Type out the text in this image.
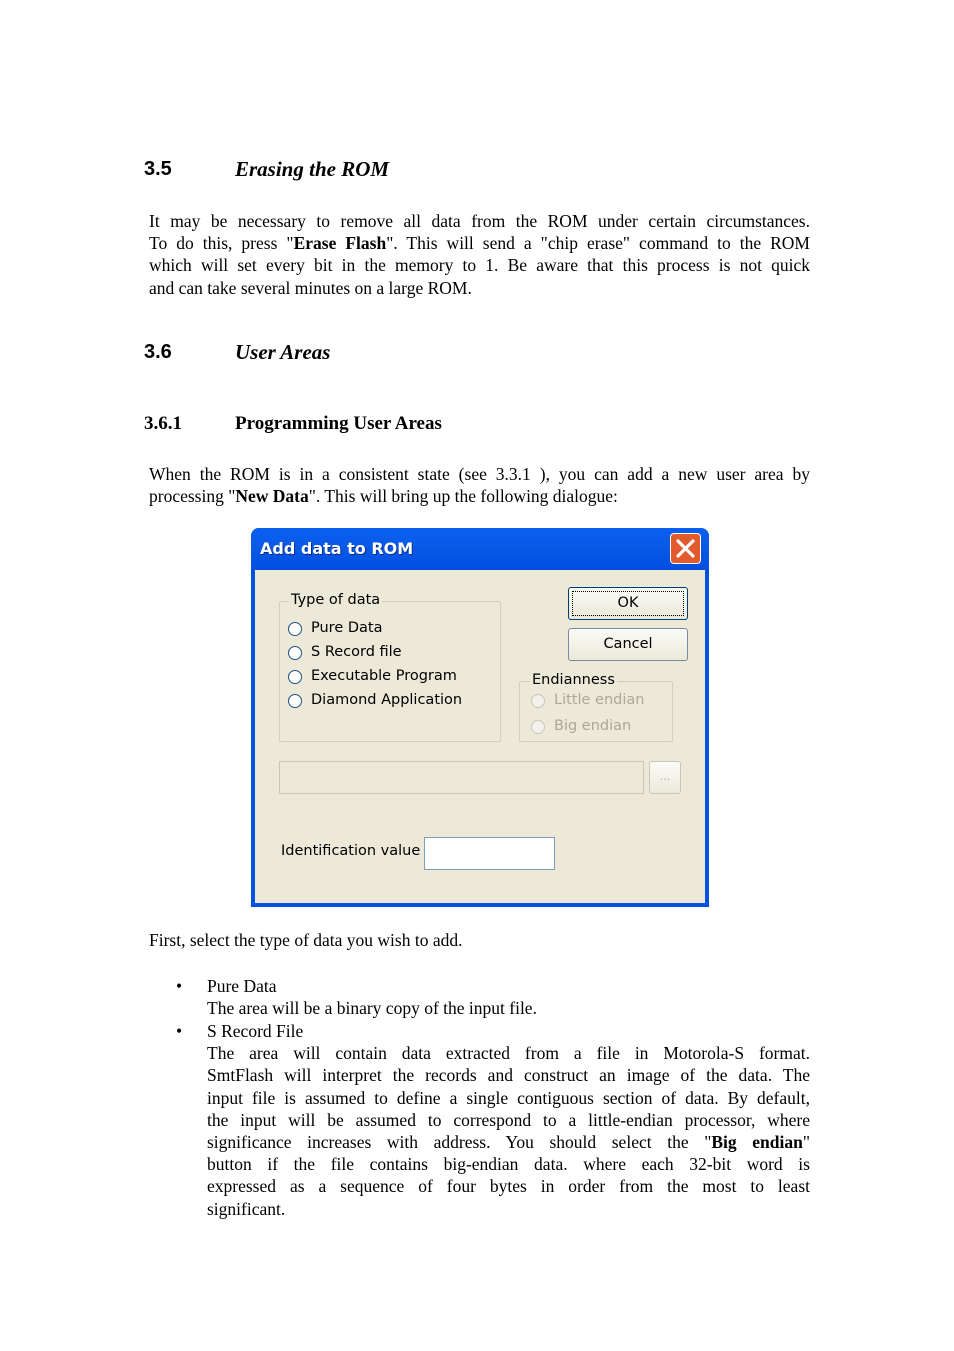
3.5	Erasing the ROM
It may be necessary to remove all data from the ROM under certain circumstances.
To do this, press "Erase Flash". This will send a "chip erase" command to the ROM
which will set every bit in the memory to 1. Be aware that this process is not quick
and can take several minutes on a large ROM.
3.6	User Areas
3.6.1	Programming User Areas
When the ROM is in a consistent state (see 3.3.1 ), you can add a new user area by
processing "New Data". This will bring up the following dialogue:
Add data to ROM
Type of data
Pure Data
S Record file
Executable Program
Diamond Application
OK
Cancel
Endianness
Little endian
Big endian
...
Identification value
First, select the type of data you wish to add.
• Pure Data
The area will be a binary copy of the input file.
• S Record File
The area will contain data extracted from a file in Motorola-S format.
SmtFlash will interpret the records and construct an image of the data. The
input file is assumed to define a single contiguous section of data. By default,
the input will be assumed to correspond to a little-endian processor, where
significance increases with address. You should select the "Big endian"
button if the file contains big-endian data. where each 32-bit word is
expressed as a sequence of four bytes in order from the most to least
significant.
